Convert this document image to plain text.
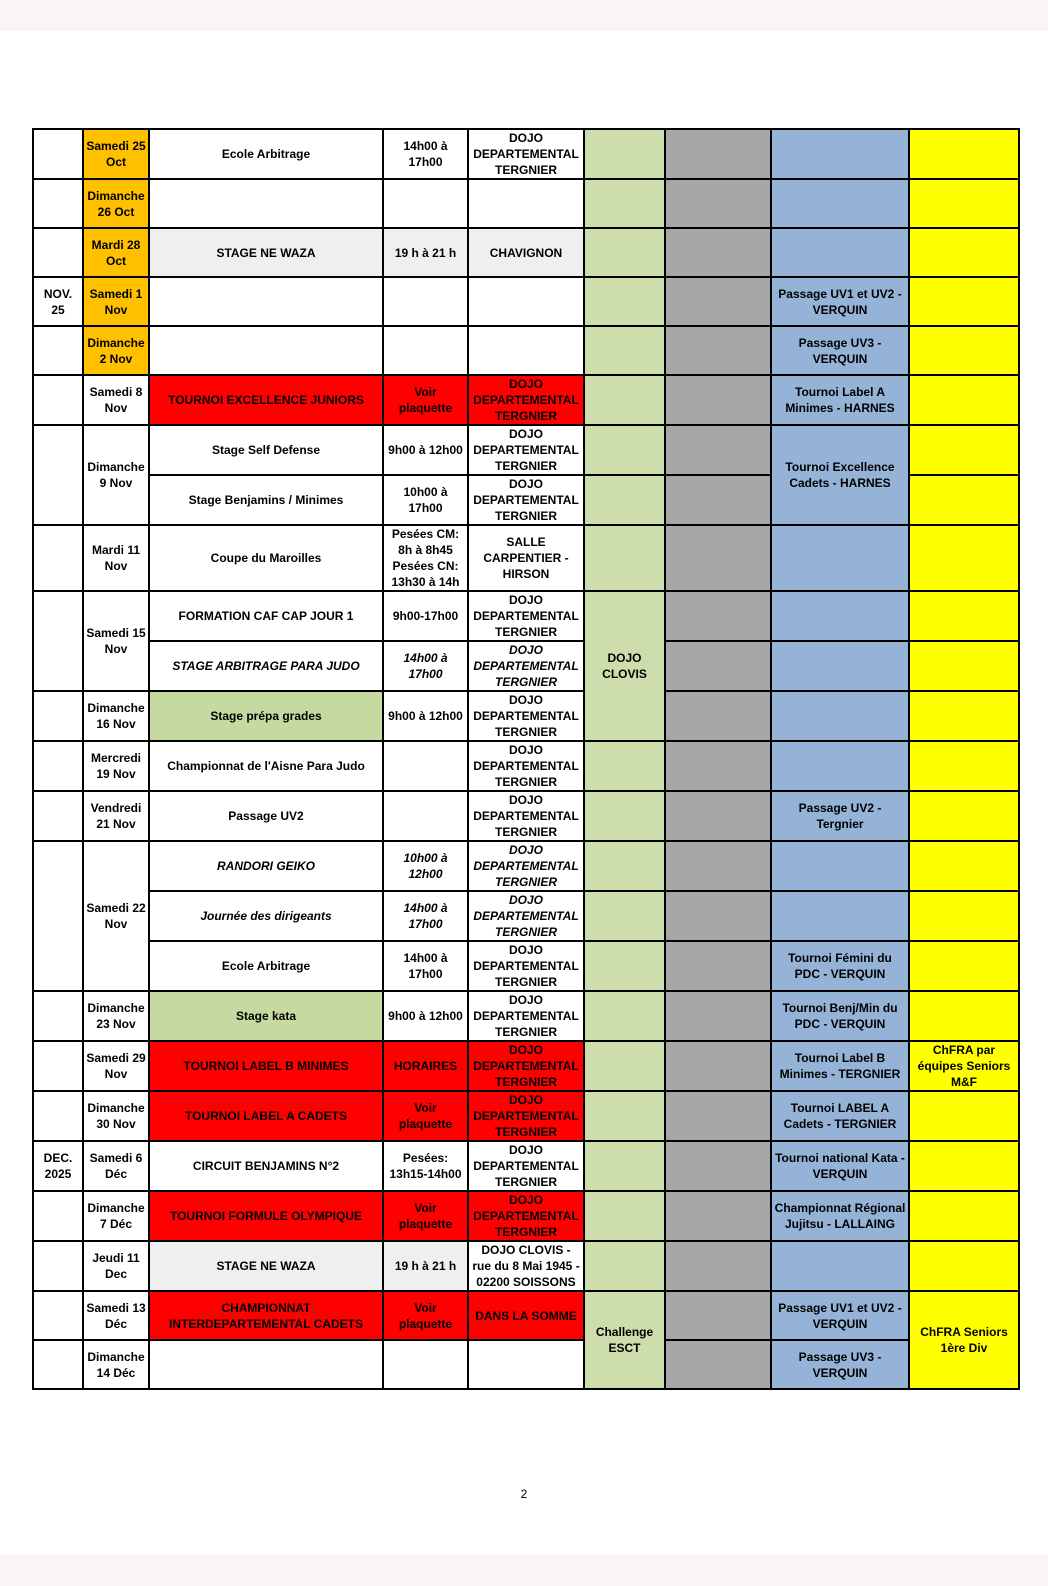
	Samedi 25 Oct	Ecole Arbitrage	14h00 à 17h00	DOJO DEPARTEMENTAL TERGNIER				
	Dimanche 26 Oct							
	Mardi 28 Oct	STAGE NE WAZA	19 h à 21 h	CHAVIGNON				
NOV. 25	Samedi 1 Nov						Passage UV1 et UV2 - VERQUIN	
	Dimanche 2 Nov						Passage UV3 - VERQUIN	
	Samedi 8 Nov	TOURNOI EXCELLENCE JUNIORS	Voir plaquette	DOJO DEPARTEMENTAL TERGNIER			Tournoi Label A Minimes - HARNES	
	Dimanche 9 Nov	Stage Self Defense	9h00 à 12h00	DOJO DEPARTEMENTAL TERGNIER			Tournoi Excellence Cadets - HARNES	
		Stage Benjamins / Minimes	10h00 à 17h00	DOJO DEPARTEMENTAL TERGNIER				
	Mardi 11 Nov	Coupe du Maroilles	Pesées CM: 8h à 8h45 Pesées CN: 13h30 à 14h	SALLE CARPENTIER - HIRSON				
	Samedi 15 Nov	FORMATION CAF CAP JOUR 1	9h00-17h00	DOJO DEPARTEMENTAL TERGNIER	DOJO CLOVIS			
		STAGE ARBITRAGE PARA JUDO	14h00 à 17h00	DOJO DEPARTEMENTAL TERGNIER				
	Dimanche 16 Nov	Stage prépa grades	9h00 à 12h00	DOJO DEPARTEMENTAL TERGNIER				
	Mercredi 19 Nov	Championnat de l'Aisne Para Judo		DOJO DEPARTEMENTAL TERGNIER				
	Vendredi 21 Nov	Passage UV2		DOJO DEPARTEMENTAL TERGNIER			Passage UV2 - Tergnier	
	Samedi 22 Nov	RANDORI GEIKO	10h00 à 12h00	DOJO DEPARTEMENTAL TERGNIER				
		Journée des dirigeants	14h00 à 17h00	DOJO DEPARTEMENTAL TERGNIER				
		Ecole Arbitrage	14h00 à 17h00	DOJO DEPARTEMENTAL TERGNIER			Tournoi Fémini du PDC - VERQUIN	
	Dimanche 23 Nov	Stage kata	9h00 à 12h00	DOJO DEPARTEMENTAL TERGNIER			Tournoi Benj/Min du PDC - VERQUIN	
	Samedi 29 Nov	TOURNOI LABEL B MINIMES	HORAIRES	DOJO DEPARTEMENTAL TERGNIER			Tournoi Label B Minimes - TERGNIER	ChFRA par équipes Seniors M&F
	Dimanche 30 Nov	TOURNOI LABEL A CADETS	Voir plaquette	DOJO DEPARTEMENTAL TERGNIER			Tournoi LABEL A Cadets - TERGNIER	
DEC. 2025	Samedi 6 Déc	CIRCUIT BENJAMINS N°2	Pesées: 13h15-14h00	DOJO DEPARTEMENTAL TERGNIER			Tournoi national Kata - VERQUIN	
	Dimanche 7 Déc	TOURNOI FORMULE OLYMPIQUE	Voir plaquette	DOJO DEPARTEMENTAL TERGNIER			Championnat Régional Jujitsu - LALLAING	
	Jeudi 11 Dec	STAGE NE WAZA	19 h à 21 h	DOJO CLOVIS - rue du 8 Mai 1945 - 02200 SOISSONS				
	Samedi 13 Déc	CHAMPIONNAT INTERDEPARTEMENTAL CADETS	Voir plaquette	DANS LA SOMME	Challenge ESCT		Passage UV1 et UV2 - VERQUIN	ChFRA Seniors 1ère Div
	Dimanche 14 Déc						Passage UV3 - VERQUIN	
2
